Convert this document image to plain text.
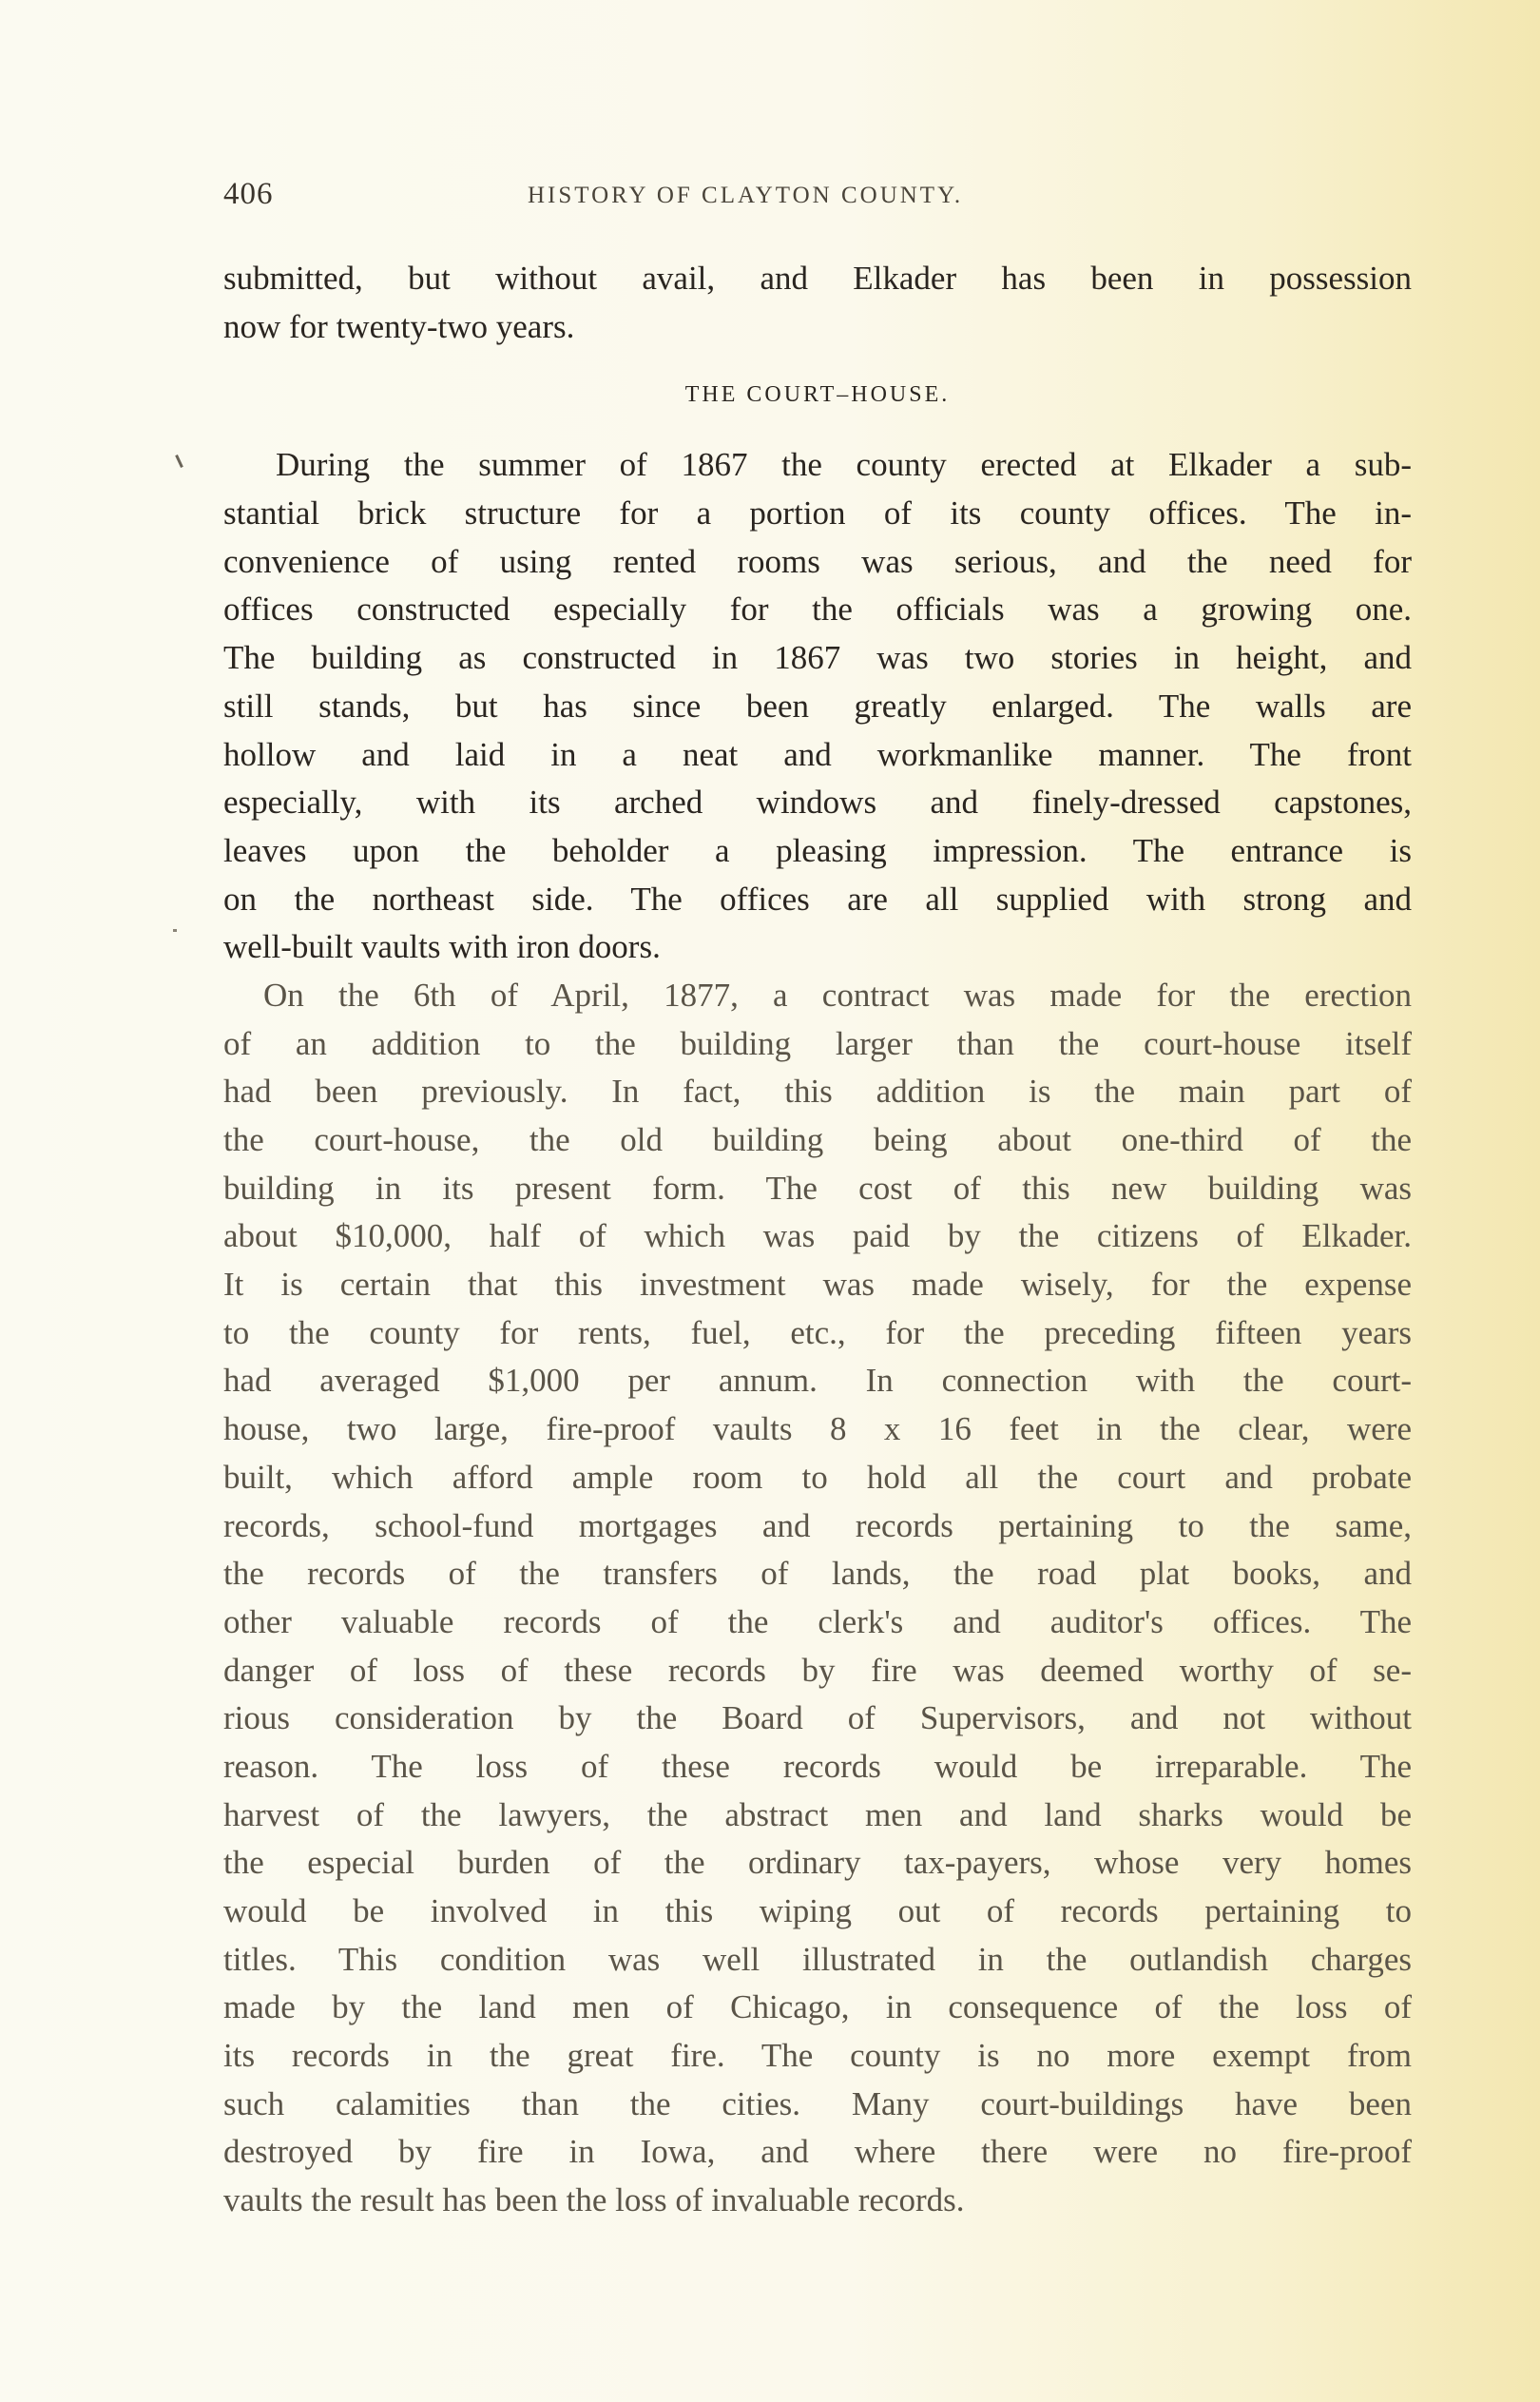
406	HISTORY OF CLAYTON COUNTY.
submitted, but without avail, and Elkader has been in possession
now for twenty-two years.
THE COURT–HOUSE.
During the summer of 1867 the county erected at Elkader a sub-
stantial brick structure for a portion of its county offices. The in-
convenience of using rented rooms was serious, and the need for
offices constructed especially for the officials was a growing one.
The building as constructed in 1867 was two stories in height, and
still stands, but has since been greatly enlarged. The walls are
hollow and laid in a neat and workmanlike manner. The front
especially, with its arched windows and finely-dressed capstones,
leaves upon the beholder a pleasing impression. The entrance is
on the northeast side. The offices are all supplied with strong and
well-built vaults with iron doors.
On the 6th of April, 1877, a contract was made for the erection
of an addition to the building larger than the court-house itself
had been previously. In fact, this addition is the main part of
the court-house, the old building being about one-third of the
building in its present form. The cost of this new building was
about $10,000, half of which was paid by the citizens of Elkader.
It is certain that this investment was made wisely, for the expense
to the county for rents, fuel, etc., for the preceding fifteen years
had averaged $1,000 per annum. In connection with the court-
house, two large, fire-proof vaults 8 x 16 feet in the clear, were
built, which afford ample room to hold all the court and probate
records, school-fund mortgages and records pertaining to the same,
the records of the transfers of lands, the road plat books, and
other valuable records of the clerk's and auditor's offices. The
danger of loss of these records by fire was deemed worthy of se-
rious consideration by the Board of Supervisors, and not without
reason. The loss of these records would be irreparable. The
harvest of the lawyers, the abstract men and land sharks would be
the especial burden of the ordinary tax-payers, whose very homes
would be involved in this wiping out of records pertaining to
titles. This condition was well illustrated in the outlandish charges
made by the land men of Chicago, in consequence of the loss of
its records in the great fire. The county is no more exempt from
such calamities than the cities. Many court-buildings have been
destroyed by fire in Iowa, and where there were no fire-proof
vaults the result has been the loss of invaluable records.
